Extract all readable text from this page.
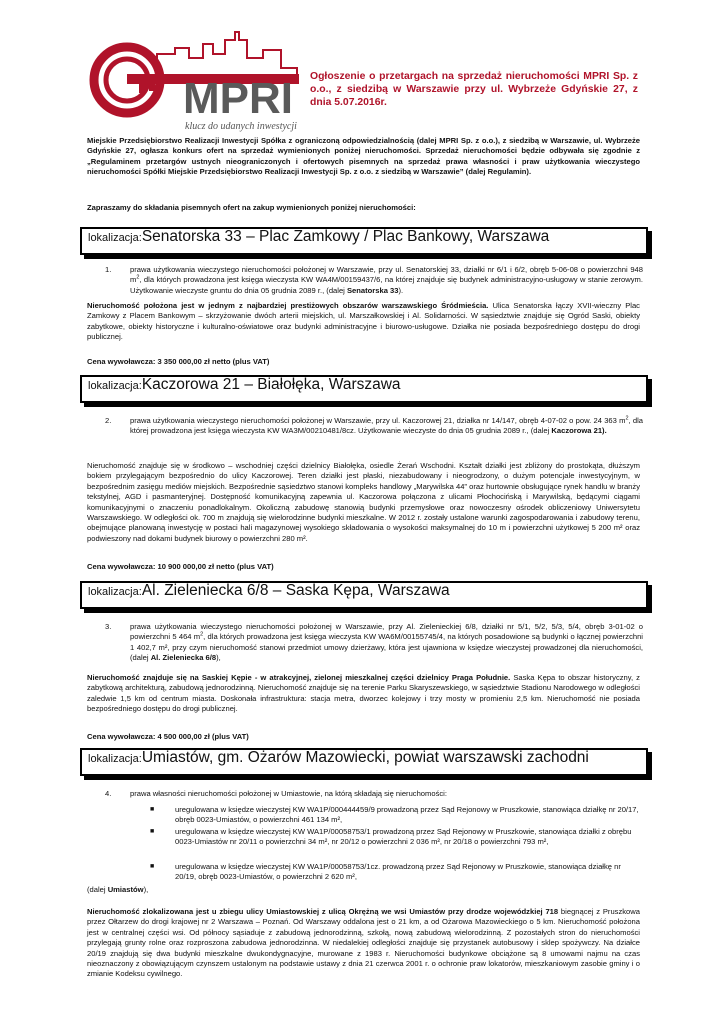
MPRI
klucz do udanych inwestycji
Ogłoszenie o przetargach na sprzedaż nieruchomości MPRI Sp. z o.o., z siedzibą w Warszawie przy ul. Wybrzeże Gdyńskie 27, z dnia 5.07.2016r.
Miejskie Przedsiębiorstwo Realizacji Inwestycji Spółka z ograniczoną odpowiedzialnością (dalej MPRI Sp. z o.o.), z siedzibą w Warszawie, ul. Wybrzeże Gdyńskie 27, ogłasza konkurs ofert na sprzedaż wymienionych poniżej nieruchomości. Sprzedaż nieruchomości będzie odbywała się zgodnie z „Regulaminem przetargów ustnych nieograniczonych i ofertowych pisemnych na sprzedaż prawa własności i praw użytkowania wieczystego nieruchomości Spółki Miejskie Przedsiębiorstwo Realizacji Inwestycji Sp. z o.o. z siedzibą w Warszawie” (dalej Regulamin).
Zapraszamy do składania pisemnych ofert na zakup wymienionych poniżej nieruchomości:
lokalizacja:Senatorska 33 – Plac Zamkowy / Plac Bankowy, Warszawa
1. prawa użytkowania wieczystego nieruchomości położonej w Warszawie, przy ul. Senatorskiej 33, działki nr 6/1 i 6/2, obręb 5-06-08 o powierzchni 948 $m^2$, dla których prowadzona jest księga wieczysta KW WA4M/00159437/6, na której znajduje się budynek administracyjno-usługowy w stanie zerowym. Użytkowanie wieczyste gruntu do dnia 05 grudnia 2089 r., (dalej Senatorska 33).
Nieruchomość położona jest w jednym z najbardziej prestiżowych obszarów warszawskiego Śródmieścia. Ulica Senatorska łączy XVII-wieczny Plac Zamkowy z Placem Bankowym – skrzyżowanie dwóch arterii miejskich, ul. Marszałkowskiej i Al. Solidarności. W sąsiedztwie znajduje się Ogród Saski, obiekty zabytkowe, obiekty historyczne i kulturalno-oświatowe oraz budynki administracyjne i biurowo-usługowe. Działka nie posiada bezpośredniego dostępu do drogi publicznej.
Cena wywoławcza: 3 350 000,00 zł netto (plus VAT)
lokalizacja:Kaczorowa 21 – Białołęka, Warszawa
2. prawa użytkowania wieczystego nieruchomości położonej w Warszawie, przy ul. Kaczorowej 21, działka nr 14/147, obręb 4-07-02 o pow. 24 363 $m^2$, dla której prowadzona jest księga wieczysta KW WA3M/00210481/8cz. Użytkowanie wieczyste do dnia 05 grudnia 2089 r., (dalej Kaczorowa 21).
Nieruchomość znajduje się w środkowo – wschodniej części dzielnicy Białołęka, osiedle Żerań Wschodni. Kształt działki jest zbliżony do prostokąta, dłuższym bokiem przylegającym bezpośrednio do ulicy Kaczorowej. Teren działki jest płaski, niezabudowany i nieogrodzony, o dużym potencjale inwestycyjnym, w bezpośrednim zasięgu mediów miejskich. Bezpośrednie sąsiedztwo stanowi kompleks handlowy „Marywilska 44” oraz hurtownie obsługujące rynek handlu w branży tekstylnej, AGD i pasmanteryjnej. Dostępność komunikacyjną zapewnia ul. Kaczorowa połączona z ulicami Płochocińską i Marywilską, będącymi ciągami komunikacyjnymi o znaczeniu ponadlokalnym. Okoliczną zabudowę stanowią budynki przemysłowe oraz nowoczesny ośrodek obliczeniowy Uniwersytetu Warszawskiego. W odległości ok. 700 m znajdują się wielorodzinne budynki mieszkalne. W 2012 r. zostały ustalone warunki zagospodarowania i zabudowy terenu, obejmujące planowaną inwestycję w postaci hali magazynowej wysokiego składowania o wysokości maksymalnej do 10 m i powierzchni użytkowej 5 200 m² oraz podwieszony nad dokami budynek biurowy o powierzchni 280 m².
Cena wywoławcza: 10 900 000,00 zł netto (plus VAT)
lokalizacja:Al. Zieleniecka 6/8 – Saska Kępa, Warszawa
3. prawa użytkowania wieczystego nieruchomości położonej w Warszawie, przy Al. Zielenieckiej 6/8, działki nr 5/1, 5/2, 5/3, 5/4, obręb 3-01-02 o powierzchni 5 464 $m^2$, dla których prowadzona jest księga wieczysta KW WA6M/00155745/4, na których posadowione są budynki o łącznej powierzchni 1 402,7 m², przy czym nieruchomość stanowi przedmiot umowy dzierżawy, która jest ujawniona w księdze wieczystej prowadzonej dla nieruchomości, (dalej Al. Zieleniecka 6/8),
Nieruchomość znajduje się na Saskiej Kępie - w atrakcyjnej, zielonej mieszkalnej części dzielnicy Praga Południe. Saska Kępa to obszar historyczny, z zabytkową architekturą, zabudową jednorodzinną. Nieruchomość znajduje się na terenie Parku Skaryszewskiego, w sąsiedztwie Stadionu Narodowego w odległości zaledwie 1,5 km od centrum miasta. Doskonała infrastruktura: stacja metra, dworzec kolejowy i trzy mosty w promieniu 2,5 km. Nieruchomość nie posiada bezpośredniego dostępu do drogi publicznej.
Cena wywoławcza: 4 500 000,00 zł (plus VAT)
lokalizacja:Umiastów, gm. Ożarów Mazowiecki, powiat warszawski zachodni
4. prawa własności nieruchomości położonej w Umiastowie, na którą składają się nieruchomości:
■	uregulowana w księdze wieczystej KW WA1P/000444459/9 prowadzoną przez Sąd Rejonowy w Pruszkowie, stanowiąca działkę nr 20/17, obręb 0023-Umiastów, o powierzchni 461 134 m²,
■	uregulowana w księdze wieczystej KW WA1P/00058753/1 prowadzoną przez Sąd Rejonowy w Pruszkowie, stanowiąca działki z obrębu 0023-Umiastów nr 20/11 o powierzchni 34 m², nr 20/12 o powierzchni 2 036 m², nr 20/18 o powierzchni 793 m²,
■	uregulowana w księdze wieczystej KW WA1P/00058753/1cz. prowadzoną przez Sąd Rejonowy w Pruszkowie, stanowiąca działkę nr 20/19, obręb 0023-Umiastów, o powierzchni 2 620 m²,
(dalej Umiastów),
Nieruchomość zlokalizowana jest u zbiegu ulicy Umiastowskiej z ulicą Okrężną we wsi Umiastów przy drodze wojewódzkiej 718 biegnącej z Pruszkowa przez Ołtarzew do drogi krajowej nr 2 Warszawa – Poznań. Od Warszawy oddalona jest o 21 km, a od Ożarowa Mazowieckiego o 5 km. Nieruchomość położona jest w centralnej części wsi. Od północy sąsiaduje z zabudową jednorodzinną, szkołą, nową zabudową wielorodzinną. Z pozostałych stron do nieruchomości przylegają grunty rolne oraz rozproszona zabudowa jednorodzinna. W niedalekiej odległości znajduje się przystanek autobusowy i sklep spożywczy. Na działce 20/19 znajdują się dwa budynki mieszkalne dwukondygnacyjne, murowane z 1983 r. Nieruchomości budynkowe obciążone są 8 umowami najmu na czas nieoznaczony z obowiązującym czynszem ustalonym na podstawie ustawy z dnia 21 czerwca 2001 r. o ochronie praw lokatorów, mieszkaniowym zasobie gminy i o zmianie Kodeksu cywilnego.
